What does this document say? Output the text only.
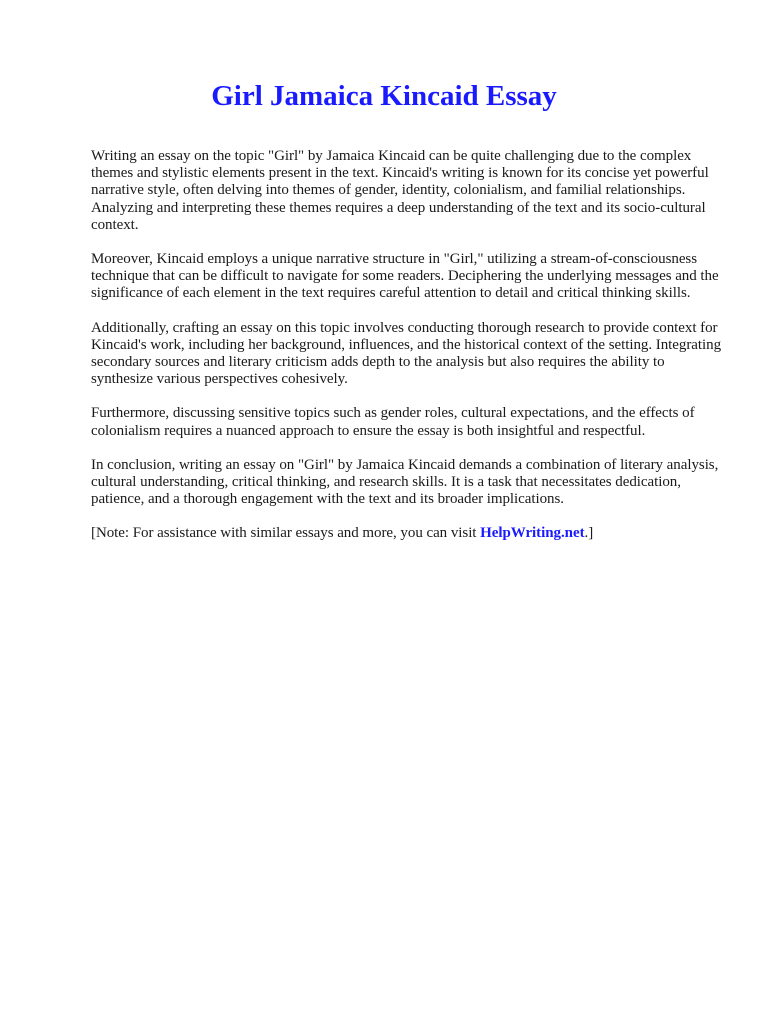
Girl Jamaica Kincaid Essay

Writing an essay on the topic "Girl" by Jamaica Kincaid can be quite challenging due to the complex themes and stylistic elements present in the text. Kincaid's writing is known for its concise yet powerful narrative style, often delving into themes of gender, identity, colonialism, and familial relationships. Analyzing and interpreting these themes requires a deep understanding of the text and its socio-cultural context.

Moreover, Kincaid employs a unique narrative structure in "Girl," utilizing a stream-of-consciousness technique that can be difficult to navigate for some readers. Deciphering the underlying messages and the significance of each element in the text requires careful attention to detail and critical thinking skills.

Additionally, crafting an essay on this topic involves conducting thorough research to provide context for Kincaid's work, including her background, influences, and the historical context of the setting. Integrating secondary sources and literary criticism adds depth to the analysis but also requires the ability to synthesize various perspectives cohesively.

Furthermore, discussing sensitive topics such as gender roles, cultural expectations, and the effects of colonialism requires a nuanced approach to ensure the essay is both insightful and respectful.

In conclusion, writing an essay on "Girl" by Jamaica Kincaid demands a combination of literary analysis, cultural understanding, critical thinking, and research skills. It is a task that necessitates dedication, patience, and a thorough engagement with the text and its broader implications.

[Note: For assistance with similar essays and more, you can visit HelpWriting.net.]
